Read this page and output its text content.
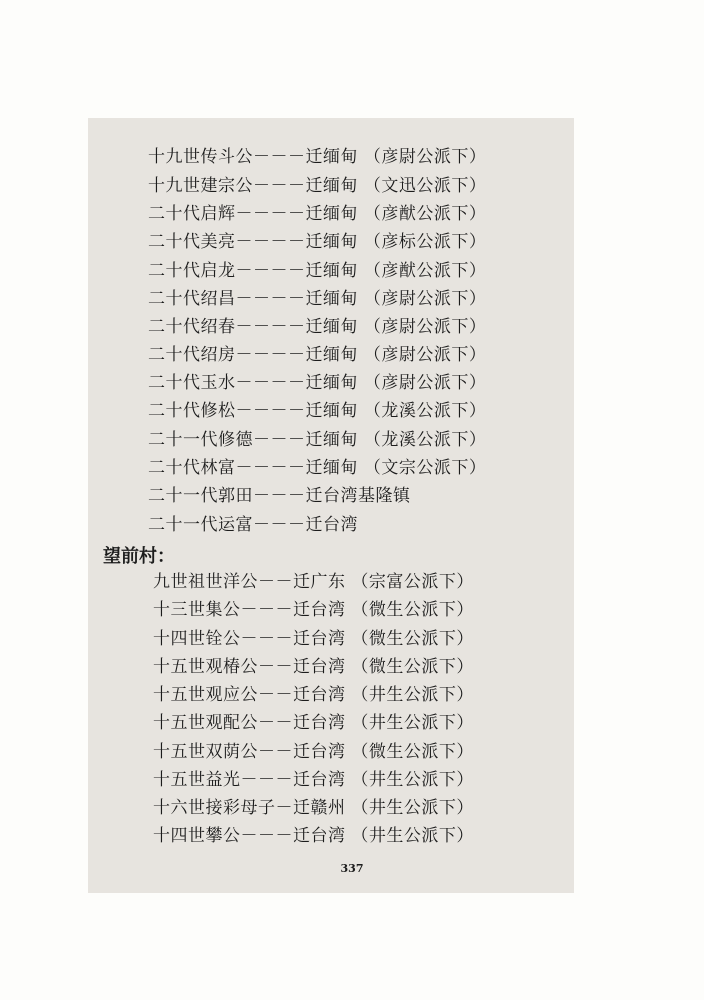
十九世传斗公－－－迁缅甸 （彦尉公派下）
十九世建宗公－－－迁缅甸 （文迅公派下）
二十代启辉－－－－迁缅甸 （彦猷公派下）
二十代美亮－－－－迁缅甸 （彦标公派下）
二十代启龙－－－－迁缅甸 （彦猷公派下）
二十代绍昌－－－－迁缅甸 （彦尉公派下）
二十代绍春－－－－迁缅甸 （彦尉公派下）
二十代绍房－－－－迁缅甸 （彦尉公派下）
二十代玉水－－－－迁缅甸 （彦尉公派下）
二十代修松－－－－迁缅甸 （龙溪公派下）
二十一代修德－－－迁缅甸 （龙溪公派下）
二十代林富－－－－迁缅甸 （文宗公派下）
二十一代郭田－－－迁台湾基隆镇
二十一代运富－－－迁台湾
望前村：
九世祖世洋公－－迁广东 （宗富公派下）
十三世集公－－－迁台湾 （微生公派下）
十四世铨公－－－迁台湾 （微生公派下）
十五世观椿公－－迁台湾 （微生公派下）
十五世观应公－－迁台湾 （井生公派下）
十五世观配公－－迁台湾 （井生公派下）
十五世双荫公－－迁台湾 （微生公派下）
十五世益光－－－迁台湾 （井生公派下）
十六世接彩母子－迁赣州 （井生公派下）
十四世攀公－－－迁台湾 （井生公派下）
337
